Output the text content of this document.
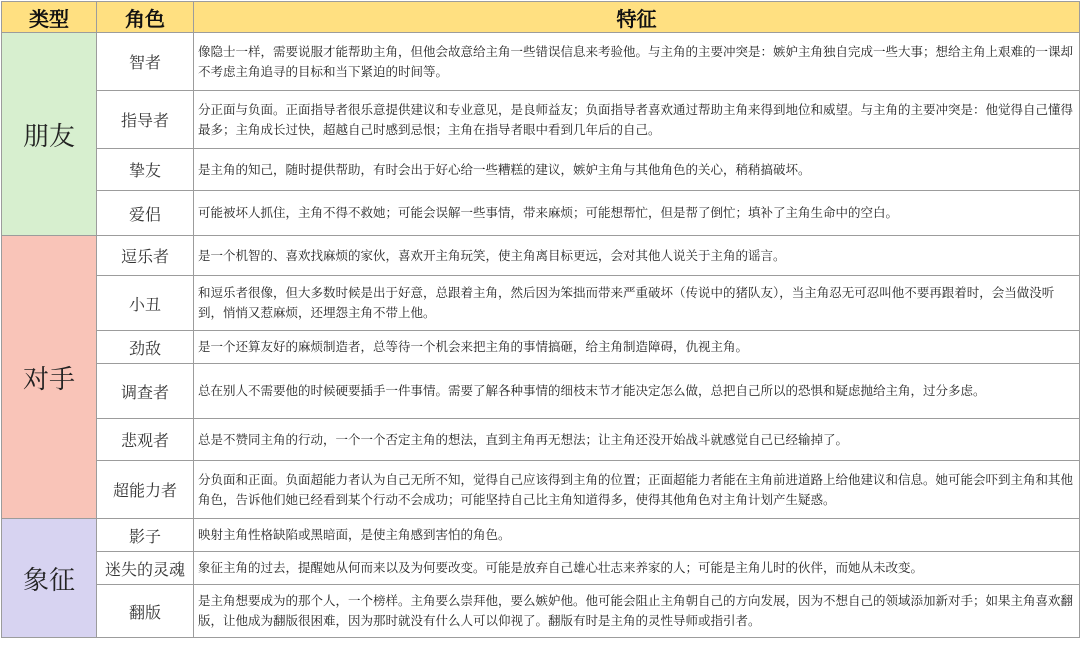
类型	角色	特征
朋友	智者	像隐士一样，需要说服才能帮助主角，但他会故意给主角一些错误信息来考验他。与主角的主要冲突是：嫉妒主角独自完成一些大事；想给主角上艰难的一课却不考虑主角追寻的目标和当下紧迫的时间等。
	指导者	分正面与负面。正面指导者很乐意提供建议和专业意见，是良师益友；负面指导者喜欢通过帮助主角来得到地位和威望。与主角的主要冲突是：他觉得自己懂得最多；主角成长过快，超越自己时感到忌恨；主角在指导者眼中看到几年后的自己。
	挚友	是主角的知己，随时提供帮助，有时会出于好心给一些糟糕的建议，嫉妒主角与其他角色的关心，稍稍搞破坏。
	爱侣	可能被坏人抓住，主角不得不救她；可能会误解一些事情，带来麻烦；可能想帮忙，但是帮了倒忙；填补了主角生命中的空白。
对手	逗乐者	是一个机智的、喜欢找麻烦的家伙，喜欢开主角玩笑，使主角离目标更远，会对其他人说关于主角的谣言。
	小丑	和逗乐者很像，但大多数时候是出于好意，总跟着主角，然后因为笨拙而带来严重破坏（传说中的猪队友），当主角忍无可忍叫他不要再跟着时，会当做没听到，悄悄又惹麻烦，还埋怨主角不带上他。
	劲敌	是一个还算友好的麻烦制造者，总等待一个机会来把主角的事情搞砸，给主角制造障碍，仇视主角。
	调查者	总在别人不需要他的时候硬要插手一件事情。需要了解各种事情的细枝末节才能决定怎么做，总把自己所以的恐惧和疑虑抛给主角，过分多虑。
	悲观者	总是不赞同主角的行动，一个一个否定主角的想法，直到主角再无想法；让主角还没开始战斗就感觉自己已经输掉了。
	超能力者	分负面和正面。负面超能力者认为自己无所不知，觉得自己应该得到主角的位置；正面超能力者能在主角前进道路上给他建议和信息。她可能会吓到主角和其他角色，告诉他们她已经看到某个行动不会成功；可能坚持自己比主角知道得多，使得其他角色对主角计划产生疑惑。
象征	影子	映射主角性格缺陷或黑暗面，是使主角感到害怕的角色。
	迷失的灵魂	象征主角的过去，提醒她从何而来以及为何要改变。可能是放弃自己雄心壮志来养家的人；可能是主角儿时的伙伴，而她从未改变。
	翻版	是主角想要成为的那个人，一个榜样。主角要么崇拜他，要么嫉妒他。他可能会阻止主角朝自己的方向发展，因为不想自己的领域添加新对手；如果主角喜欢翻版，让他成为翻版很困难，因为那时就没有什么人可以仰视了。翻版有时是主角的灵性导师或指引者。
